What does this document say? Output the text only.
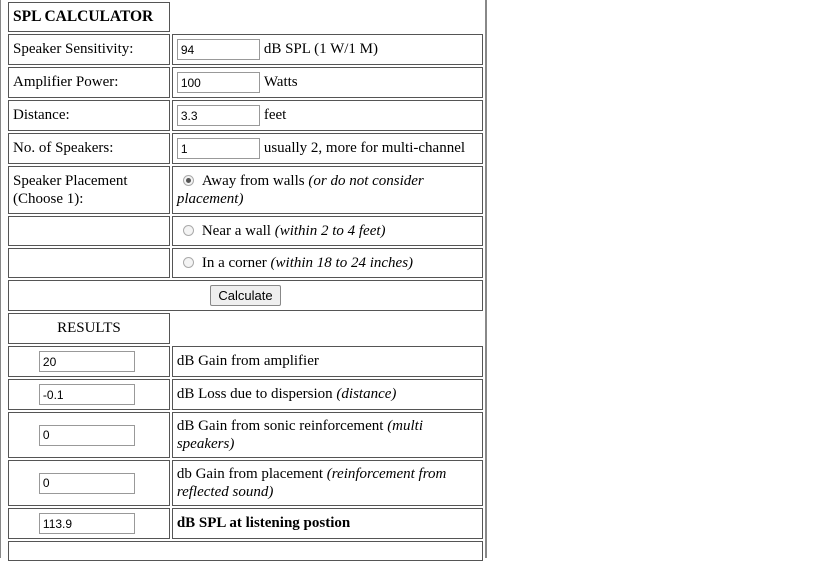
SPL CALCULATOR	
Speaker Sensitivity:	94dB SPL (1 W/1 M)
Amplifier Power:	100Watts
Distance:	3.3feet
No. of Speakers:	1usually 2, more for multi-channel
Speaker Placement
(Choose 1):	Away from walls (or do not consider
placement)
	Near a wall (within 2 to 4 feet)
	In a corner (within 18 to 24 inches)
Calculate	
RESULTS	
20	dB Gain from amplifier
-0.1	dB Loss due to dispersion (distance)
0	dB Gain from sonic reinforcement (multi
speakers)
0	db Gain from placement (reinforcement from
reflected sound)
113.9	dB SPL at listening postion
